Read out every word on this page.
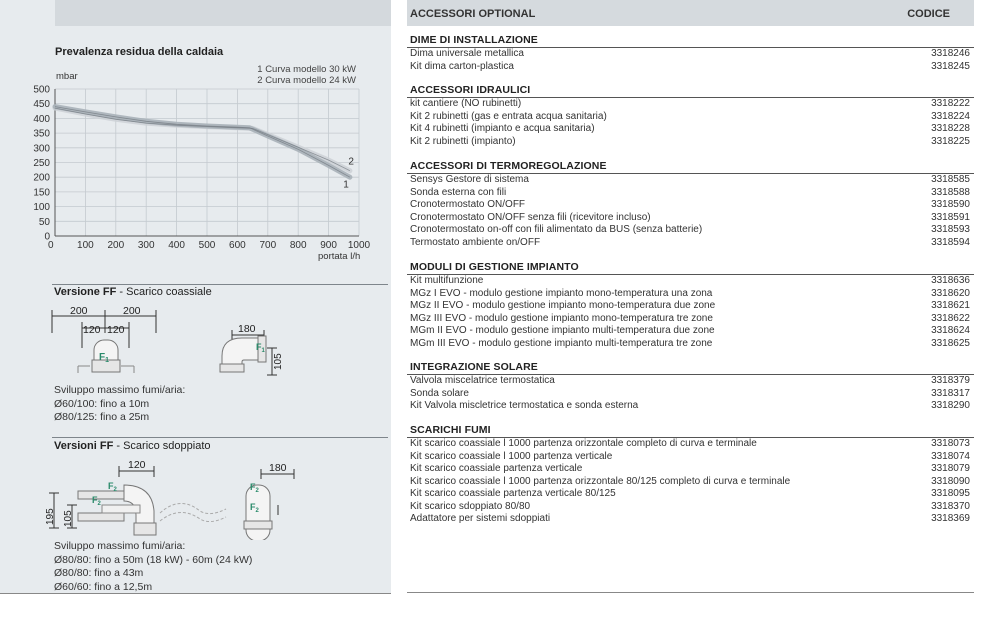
Prevalenza residua della caldaia
1 Curva modello 30 kW
2 Curva modello 24 kW
mbar
portata l/h
0
50
100
150
200
250
300
350
400
450
500
0 100 200 300 400 500 600 700 800 900 1000
1
2
Versione FF - Scarico coassiale
200	200
120 120
$F_1$
180
$F_1$
105
Sviluppo massimo fumi/aria:
Ø60/100: fino a 10m
Ø80/125: fino a 25m
Versioni FF - Scarico sdoppiato
120	180
195 105
$F_2$
$F_2$	$F_2$
$F_2$
Sviluppo massimo fumi/aria:
Ø80/80: fino a 50m (18 kW) - 60m (24 kW)
Ø80/80: fino a 43m
Ø60/60: fino a 12,5m
ACCESSORI OPTIONAL	CODICE
DIME DI INSTALLAZIONE
Dima universale metallica	3318246
Kit dima carton-plastica	3318245
ACCESSORI IDRAULICI
kit cantiere (NO rubinetti)	3318222
Kit 2 rubinetti (gas e entrata acqua sanitaria)	3318224
Kit 4 rubinetti (impianto e acqua sanitaria)	3318228
Kit 2 rubinetti (impianto)	3318225
ACCESSORI DI TERMOREGOLAZIONE
Sensys Gestore di sistema	3318585
Sonda esterna con fili	3318588
Cronotermostato ON/OFF	3318590
Cronotermostato ON/OFF senza fili (ricevitore incluso)	3318591
Cronotermostato on-off con fili alimentato da BUS (senza batterie)	3318593
Termostato ambiente on/OFF	3318594
MODULI DI GESTIONE IMPIANTO
Kit multifunzione	3318636
MGz I EVO - modulo gestione impianto mono-temperatura una zona	3318620
MGz II EVO - modulo gestione impianto mono-temperatura due zone	3318621
MGz III EVO - modulo gestione impianto mono-temperatura tre zone	3318622
MGm II EVO - modulo gestione impianto multi-temperatura due zone	3318624
MGm III EVO - modulo gestione impianto multi-temperatura tre zone	3318625
INTEGRAZIONE SOLARE
Valvola miscelatrice termostatica	3318379
Sonda solare	3318317
Kit Valvola miscletrice termostatica e sonda esterna	3318290
SCARICHI FUMI
Kit scarico coassiale l 1000 partenza orizzontale completo di curva e terminale	3318073
Kit scarico coassiale l 1000 partenza verticale	3318074
Kit scarico coassiale partenza verticale	3318079
Kit scarico coassiale l 1000 partenza orizzontale 80/125 completo di curva e terminale	3318090
Kit scarico coassiale partenza verticale 80/125	3318095
Kit scarico sdoppiato 80/80	3318370
Adattatore per sistemi sdoppiati	3318369
